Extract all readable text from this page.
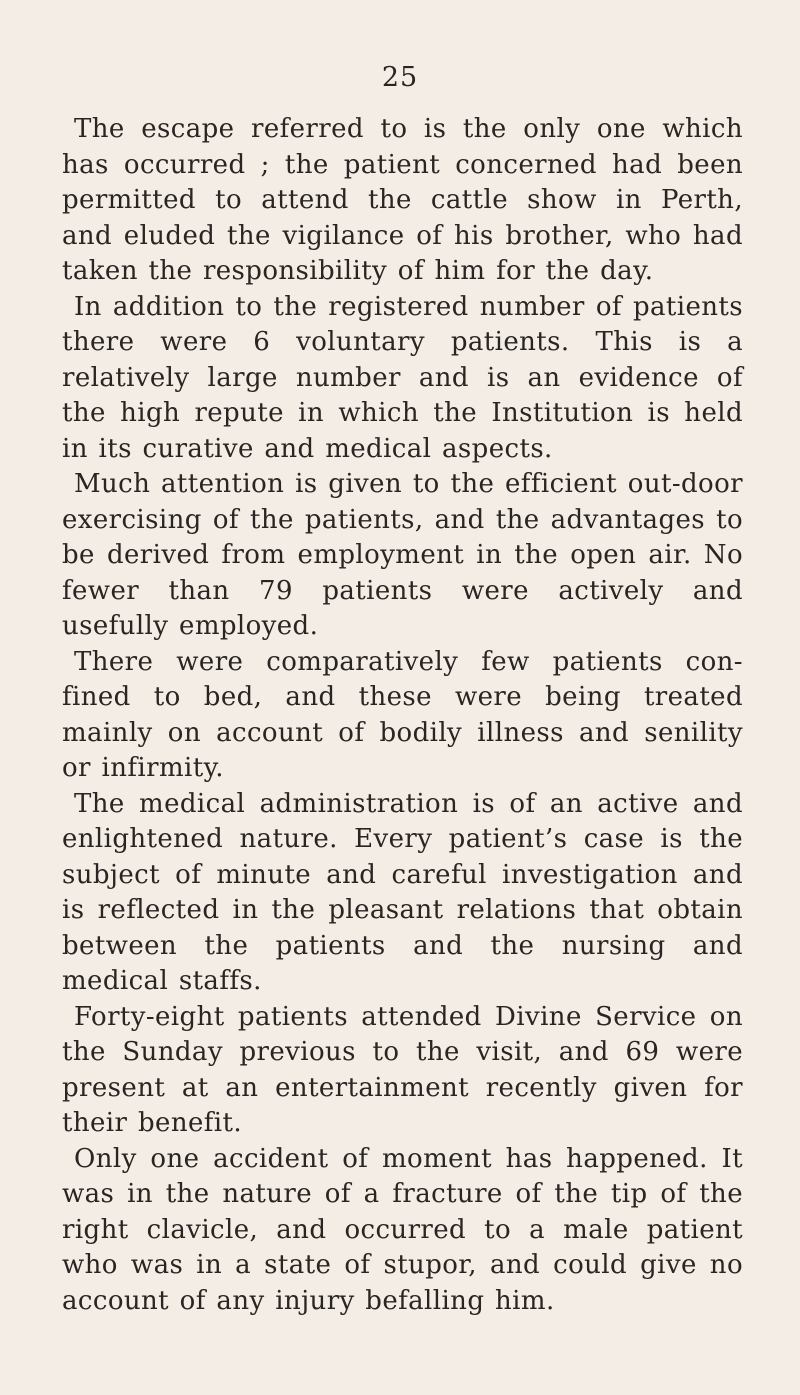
25

The escape referred to is the only one which has occurred ; the patient concerned had been permitted to attend the cattle show in Perth, and eluded the vigilance of his brother, who had taken the responsibility of him for the day.

In addition to the registered number of patients there were 6 voluntary patients. This is a relatively large number and is an evidence of the high repute in which the Institution is held in its curative and medical aspects.

Much attention is given to the efficient out-door exercising of the patients, and the advantages to be derived from employment in the open air. No fewer than 79 patients were actively and usefully employed.

There were comparatively few patients con-fined to bed, and these were being treated mainly on account of bodily illness and senility or infirmity.

The medical administration is of an active and enlightened nature. Every patient’s case is the subject of minute and careful investigation and is reflected in the pleasant relations that obtain between the patients and the nursing and medical staffs.

Forty-eight patients attended Divine Service on the Sunday previous to the visit, and 69 were present at an entertainment recently given for their benefit.

Only one accident of moment has happened. It was in the nature of a fracture of the tip of the right clavicle, and occurred to a male patient who was in a state of stupor, and could give no account of any injury befalling him.
